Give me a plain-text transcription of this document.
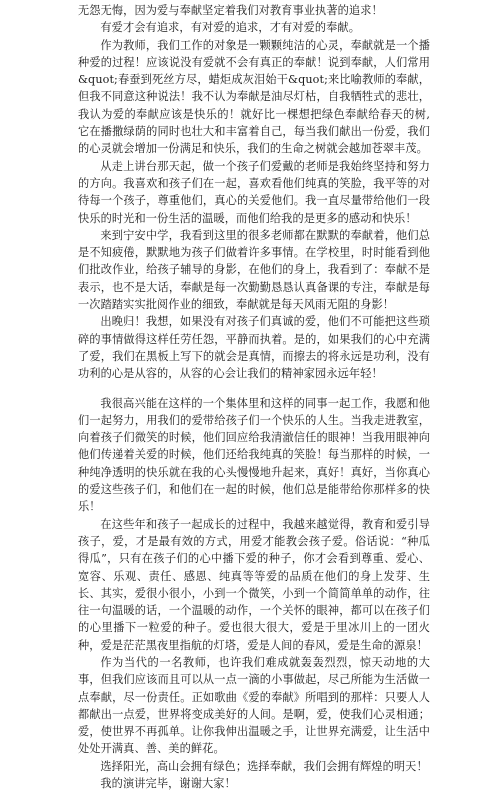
无怨无悔，因为爱与奉献坚定着我们对教育事业执著的追求！

有爱才会有追求，有对爱的追求，才有对爱的奉献。

作为教师，我们工作的对象是一颗颗纯洁的心灵，奉献就是一个播种爱的过程！应该说没有爱就不会有真正的奉献！说到奉献，人们常用&quot;春蚕到死丝方尽，蜡炬成灰泪始干&quot;来比喻教师的奉献，但我不同意这种说法！我不认为奉献是油尽灯枯，自我牺牲式的悲壮，我认为爱的奉献应该是快乐的！就好比一棵想把绿色奉献给春天的树,它在播撒绿荫的同时也壮大和丰富着自己，每当我们献出一份爱，我们的心灵就会增加一份满足和快乐，我们的生命之树就会越加苍翠丰茂。

从走上讲台那天起，做一个孩子们爱戴的老师是我始终坚持和努力的方向。我喜欢和孩子们在一起，喜欢看他们纯真的笑脸，我平等的对待每一个孩子，尊重他们，真心的关爱他们。我一直尽量带给他们一段快乐的时光和一份生活的温暖，而他们给我的是更多的感动和快乐！

来到宁安中学，我看到这里的很多老师都在默默的奉献着，他们总是不知疲倦，默默地为孩子们做着许多事情。在学校里，时时能看到他们批改作业，给孩子辅导的身影，在他们的身上，我看到了：奉献不是表示，也不是大话，奉献是每一次勤勤恳恳认真备课的专注，奉献是每一次踏踏实实批阅作业的细致，奉献就是每天风雨无阻的身影！

出晚归！我想，如果没有对孩子们真诚的爱，他们不可能把这些琐碎的事情做得这样任劳任怨，平静而执着。是的，如果我们的心中充满了爱，我们在黑板上写下的就会是真情，而擦去的将永远是功利，没有功利的心是从容的，从容的心会让我们的精神家园永远年轻！

我很高兴能在这样的一个集体里和这样的同事一起工作，我愿和他们一起努力，用我们的爱带给孩子们一个快乐的人生。当我走进教室，向着孩子们微笑的时候，他们回应给我清澈信任的眼神！当我用眼神向他们传递着关爱的时候，他们还给我纯真的笑脸！每当那样的时候，一种纯净透明的快乐就在我的心头慢慢地升起来，真好！真好，当你真心的爱这些孩子们，和他们在一起的时候，他们总是能带给你那样多的快乐！

在这些年和孩子一起成长的过程中，我越来越觉得，教育和爱引导孩子，爱，才是最有效的方式，用爱才能教会孩子爱。俗话说：“种瓜得瓜”，只有在孩子们的心中播下爱的种子，你才会看到尊重、爱心、宽容、乐观、责任、感恩、纯真等等爱的品质在他们的身上发芽、生长、其实，爱很小很小，小到一个微笑，小到一个简简单单的动作，往往一句温暖的话，一个温暖的动作，一个关怀的眼神，都可以在孩子们的心里播下一粒爱的种子。爱也很大很大，爱是于里冰川上的一团火种，爱是茫茫黑夜里指航的灯塔，爱是人间的春风，爱是生命的源泉！

作为当代的一名教师，也许我们难成就轰轰烈烈，惊天动地的大事，但我们应该而且可以从一点一滴的小事做起，尽己所能为生活做一点奉献，尽一份责任。正如歌曲《爱的奉献》所唱到的那样：只要人人都献出一点爱，世界将变成美好的人间。是啊，爱，使我们心灵相通；爱，使世界不再孤单。让你我伸出温暖之手，让世界充满爱，让生活中处处开满真、善、美的鲜花。

选择阳光，高山会拥有绿色；选择奉献，我们会拥有辉煌的明天！

我的演讲完毕，谢谢大家！
